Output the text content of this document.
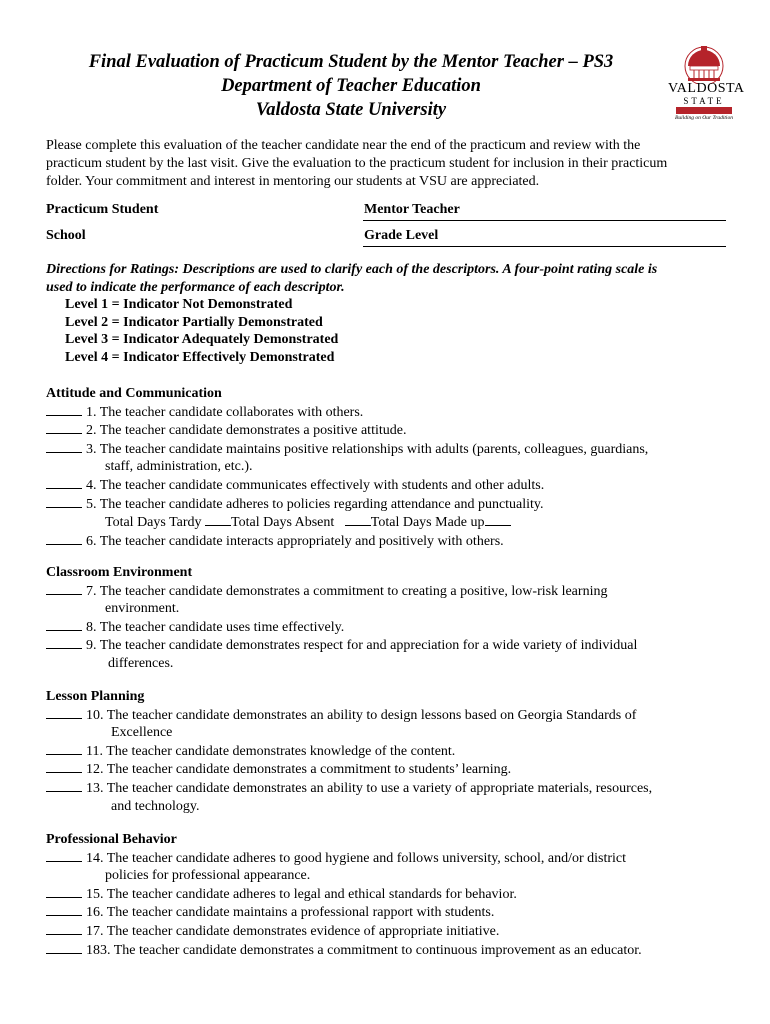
Final Evaluation of Practicum Student by the Mentor Teacher – PS3
Department of Teacher Education
Valdosta State University
VALDOSTA
STATE
Building on Our Tradition
Please complete this evaluation of the teacher candidate near the end of the practicum and review with the
practicum student by the last visit. Give the evaluation to the practicum student for inclusion in their practicum
folder. Your commitment and interest in mentoring our students at VSU are appreciated.
Practicum Student	Mentor Teacher
School	Grade Level
Directions for Ratings: Descriptions are used to clarify each of the descriptors. A four-point rating scale is
used to indicate the performance of each descriptor.
Level 1 = Indicator Not Demonstrated
Level 2 = Indicator Partially Demonstrated
Level 3 = Indicator Adequately Demonstrated
Level 4 = Indicator Effectively Demonstrated
Attitude and Communication
1. The teacher candidate collaborates with others.
2. The teacher candidate demonstrates a positive attitude.
3. The teacher candidate maintains positive relationships with adults (parents, colleagues, guardians,
staff, administration, etc.).
4. The teacher candidate communicates effectively with students and other adults.
5. The teacher candidate adheres to policies regarding attendance and punctuality.
Total Days Tardy Total Days Absent	Total Days Made up
6. The teacher candidate interacts appropriately and positively with others.
Classroom Environment
7. The teacher candidate demonstrates a commitment to creating a positive, low-risk learning
environment.
8. The teacher candidate uses time effectively.
9. The teacher candidate demonstrates respect for and appreciation for a wide variety of individual
differences.
Lesson Planning
10. The teacher candidate demonstrates an ability to design lessons based on Georgia Standards of
Excellence
11. The teacher candidate demonstrates knowledge of the content.
12. The teacher candidate demonstrates a commitment to students’ learning.
13. The teacher candidate demonstrates an ability to use a variety of appropriate materials, resources,
and technology.
Professional Behavior
14. The teacher candidate adheres to good hygiene and follows university, school, and/or district
policies for professional appearance.
15. The teacher candidate adheres to legal and ethical standards for behavior.
16. The teacher candidate maintains a professional rapport with students.
17. The teacher candidate demonstrates evidence of appropriate initiative.
183. The teacher candidate demonstrates a commitment to continuous improvement as an educator.
